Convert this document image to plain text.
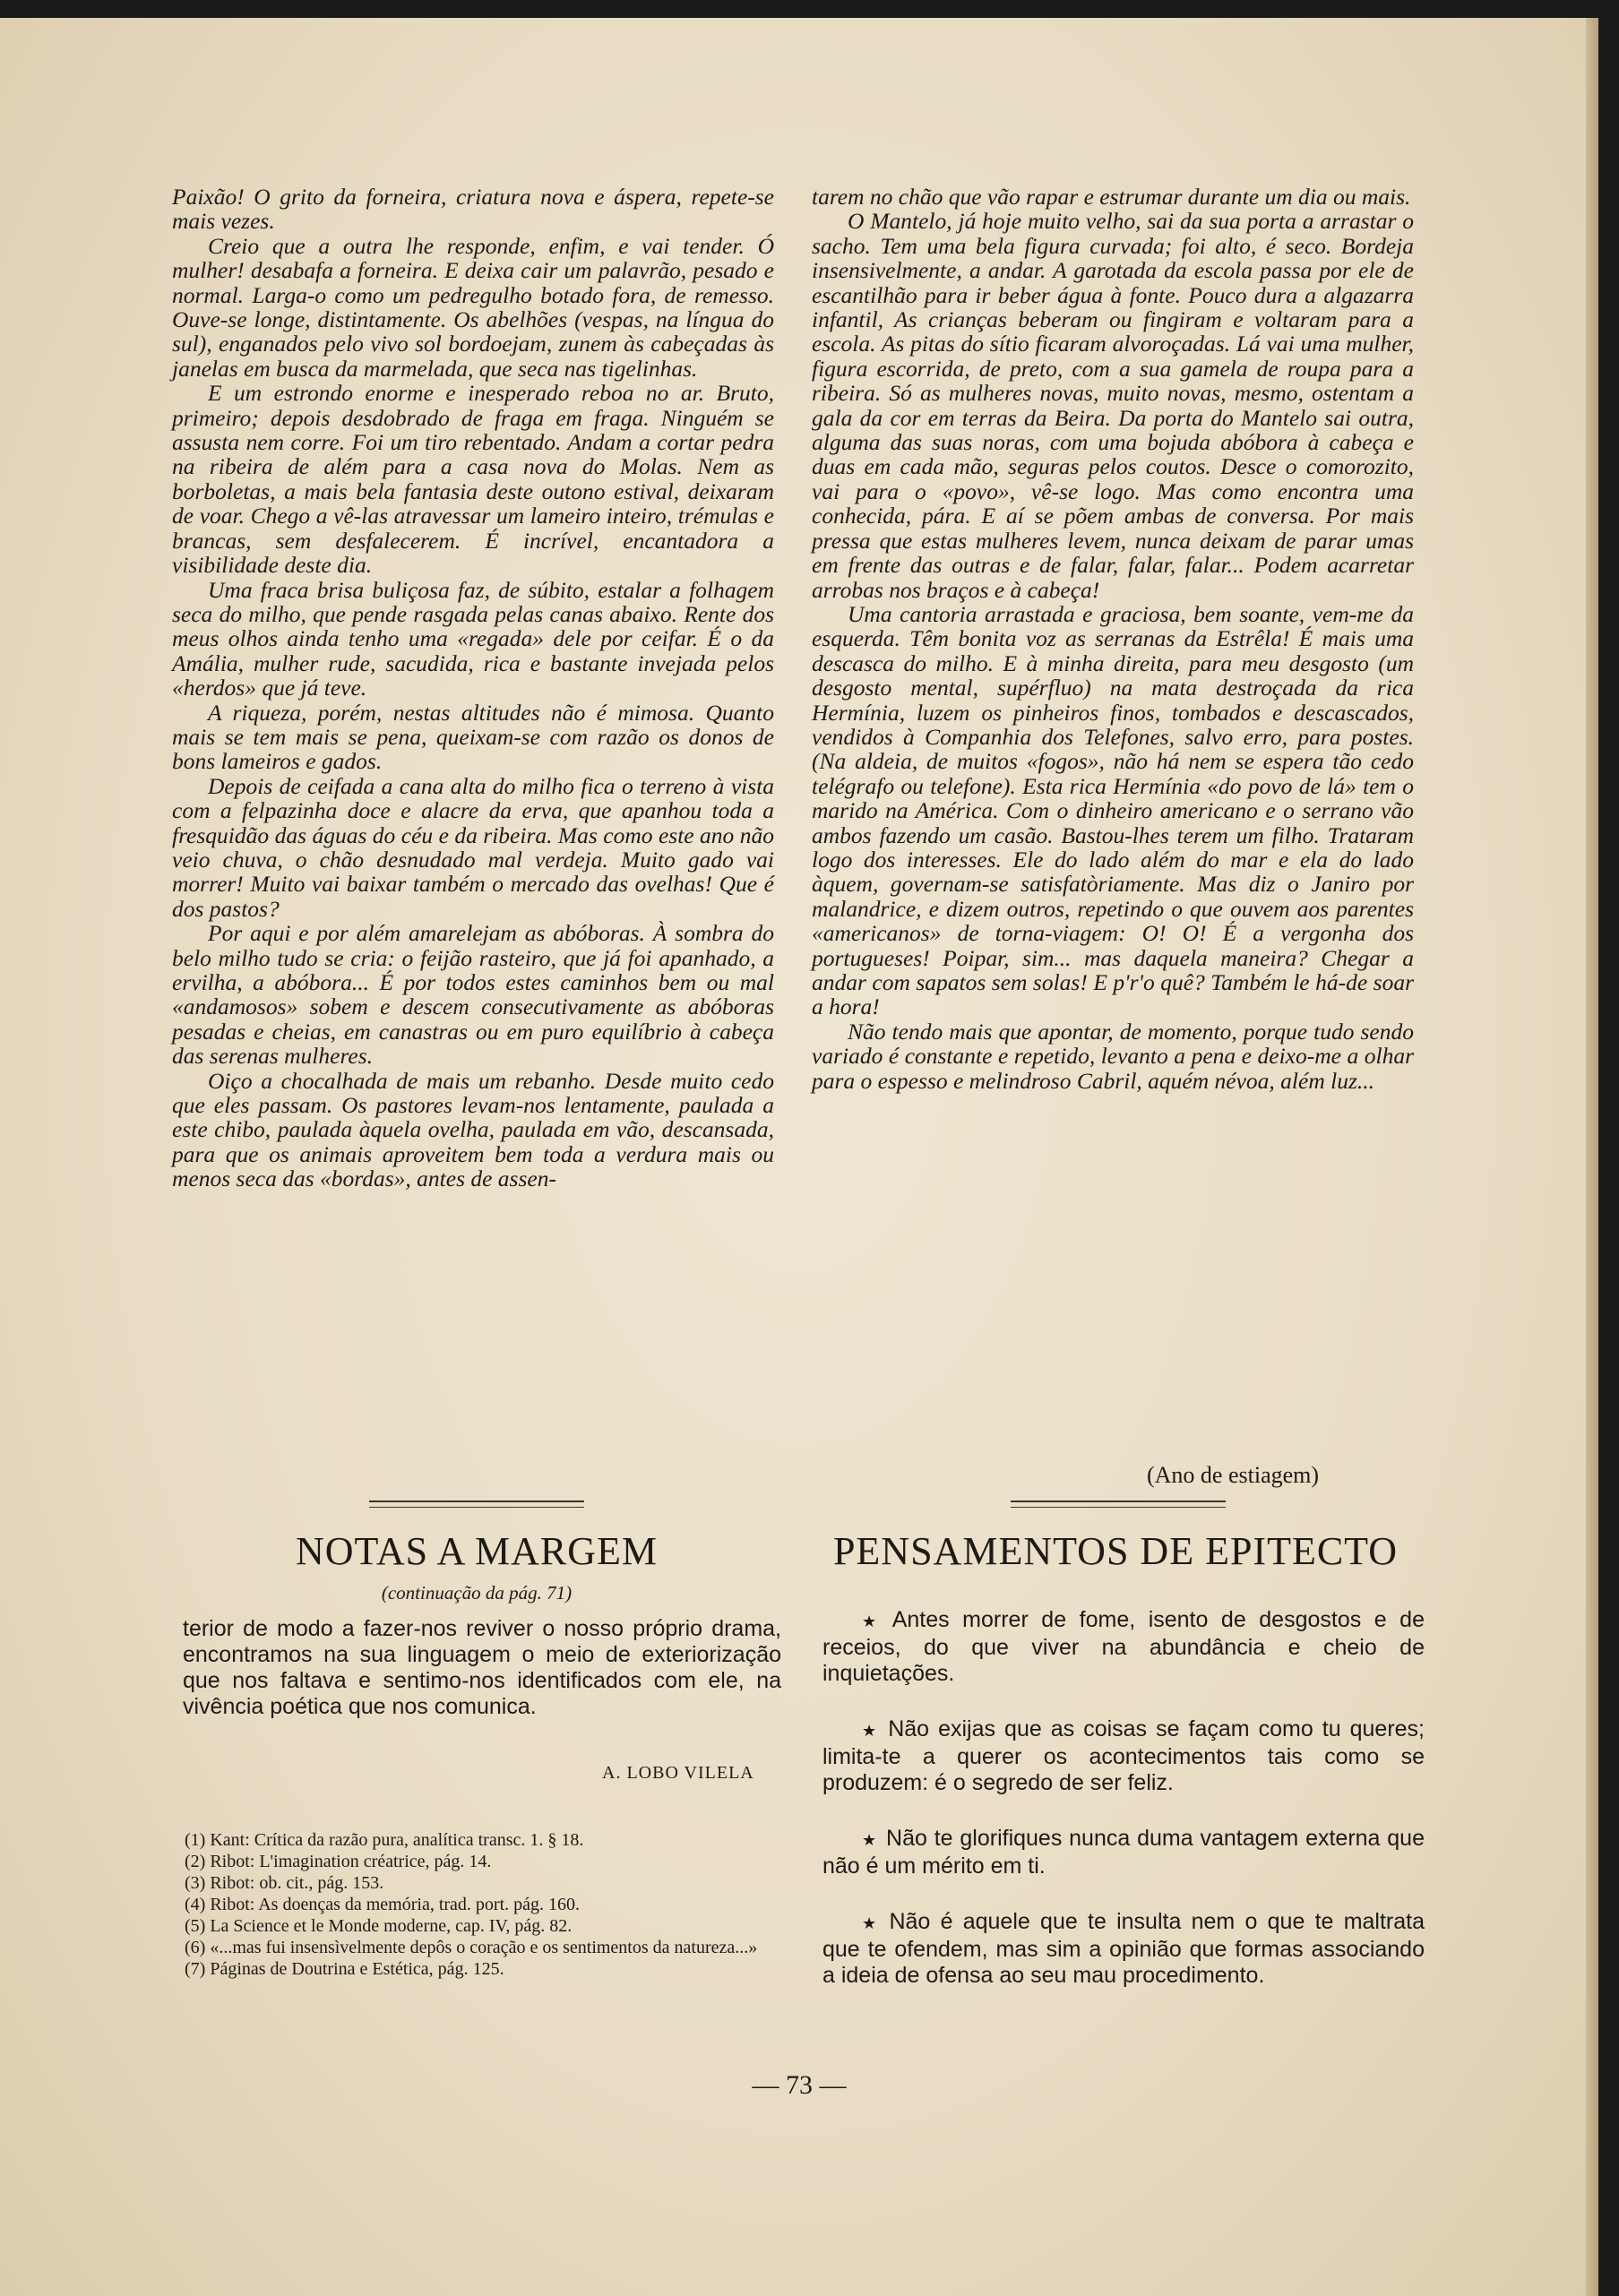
Paixão! O grito da forneira, criatura nova e áspera, repete-se mais vezes.

Creio que a outra lhe responde, enfim, e vai tender. Ó mulher! desabafa a forneira. E deixa cair um palavrão, pesado e normal. Larga-o como um pedregulho botado fora, de remesso. Ouve-se longe, distintamente. Os abelhões (vespas, na língua do sul), enganados pelo vivo sol bordoejam, zunem às cabeçadas às janelas em busca da marmelada, que seca nas tigelinhas.

E um estrondo enorme e inesperado reboa no ar. Bruto, primeiro; depois desdobrado de fraga em fraga. Ninguém se assusta nem corre. Foi um tiro rebentado. Andam a cortar pedra na ribeira de além para a casa nova do Molas. Nem as borboletas, a mais bela fantasia deste outono estival, deixaram de voar. Chego a vê-las atravessar um lameiro inteiro, trémulas e brancas, sem desfalecerem. É incrível, encantadora a visibilidade deste dia.

Uma fraca brisa buliçosa faz, de súbito, estalar a folhagem seca do milho, que pende rasgada pelas canas abaixo. Rente dos meus olhos ainda tenho uma «regada» dele por ceifar. É o da Amália, mulher rude, sacudida, rica e bastante invejada pelos «herdos» que já teve.

A riqueza, porém, nestas altitudes não é mimosa. Quanto mais se tem mais se pena, queixam-se com razão os donos de bons lameiros e gados.

Depois de ceifada a cana alta do milho fica o terreno à vista com a felpazinha doce e alacre da erva, que apanhou toda a fresquidão das águas do céu e da ribeira. Mas como este ano não veio chuva, o chão desnudado mal verdeja. Muito gado vai morrer! Muito vai baixar também o mercado das ovelhas! Que é dos pastos?

Por aqui e por além amarelejam as abóboras. À sombra do belo milho tudo se cria: o feijão rasteiro, que já foi apanhado, a ervilha, a abóbora... É por todos estes caminhos bem ou mal «andamosos» sobem e descem consecutivamente as abóboras pesadas e cheias, em canastras ou em puro equilíbrio à cabeça das serenas mulheres.

Oiço a chocalhada de mais um rebanho. Desde muito cedo que eles passam. Os pastores levam-nos lentamente, paulada a este chibo, paulada àquela ovelha, paulada em vão, descansada, para que os animais aproveitem bem toda a verdura mais ou menos seca das «bordas», antes de assen-

tarem no chão que vão rapar e estrumar durante um dia ou mais.

O Mantelo, já hoje muito velho, sai da sua porta a arrastar o sacho. Tem uma bela figura curvada; foi alto, é seco. Bordeja insensivelmente, a andar. A garotada da escola passa por ele de escantilhão para ir beber água à fonte. Pouco dura a algazarra infantil, As crianças beberam ou fingiram e voltaram para a escola. As pitas do sítio ficaram alvoroçadas. Lá vai uma mulher, figura escorrida, de preto, com a sua gamela de roupa para a ribeira. Só as mulheres novas, muito novas, mesmo, ostentam a gala da cor em terras da Beira. Da porta do Mantelo sai outra, alguma das suas noras, com uma bojuda abóbora à cabeça e duas em cada mão, seguras pelos coutos. Desce o comorozito, vai para o «povo», vê-se logo. Mas como encontra uma conhecida, pára. E aí se põem ambas de conversa. Por mais pressa que estas mulheres levem, nunca deixam de parar umas em frente das outras e de falar, falar, falar... Podem acarretar arrobas nos braços e à cabeça!

Uma cantoria arrastada e graciosa, bem soante, vem-me da esquerda. Têm bonita voz as serranas da Estrêla! É mais uma descasca do milho. E à minha direita, para meu desgosto (um desgosto mental, supérfluo) na mata destroçada da rica Hermínia, luzem os pinheiros finos, tombados e descascados, vendidos à Companhia dos Telefones, salvo erro, para postes. (Na aldeia, de muitos «fogos», não há nem se espera tão cedo telégrafo ou telefone). Esta rica Hermínia «do povo de lá» tem o marido na América. Com o dinheiro americano e o serrano vão ambos fazendo um casão. Bastou-lhes terem um filho. Trataram logo dos interesses. Ele do lado além do mar e ela do lado àquem, governam-se satisfatòriamente. Mas diz o Janiro por malandrice, e dizem outros, repetindo o que ouvem aos parentes «americanos» de torna-viagem: O! O! É a vergonha dos portugueses! Poipar, sim... mas daquela maneira? Chegar a andar com sapatos sem solas! E p'r'o quê? Também le há-de soar a hora!

Não tendo mais que apontar, de momento, porque tudo sendo variado é constante e repetido, levanto a pena e deixo-me a olhar para o espesso e melindroso Cabril, aquém névoa, além luz...

(Ano de estiagem)
NOTAS A MARGEM
(continuação da pág. 71)
terior de modo a fazer-nos reviver o nosso próprio drama, encontramos na sua linguagem o meio de exteriorização que nos faltava e sentimo-nos identificados com ele, na vivência poética que nos comunica.
A. LOBO VILELA
(1) Kant: Crítica da razão pura, analítica transc. 1. § 18.
(2) Ribot: L'imagination créatrice, pág. 14.
(3) Ribot: ob. cit., pág. 153.
(4) Ribot: As doenças da memória, trad. port. pág. 160.
(5) La Science et le Monde moderne, cap. IV, pág. 82.
(6) «...mas fui insensìvelmente depôs o coração e os sentimentos da natureza...»
(7) Páginas de Doutrina e Estética, pág. 125.
PENSAMENTOS DE EPITECTO

★ Antes morrer de fome, isento de desgostos e de receios, do que viver na abundância e cheio de inquietações.

★ Não exijas que as coisas se façam como tu queres; limita-te a querer os acontecimentos tais como se produzem: é o segredo de ser feliz.

★ Não te glorifiques nunca duma vantagem externa que não é um mérito em ti.

★ Não é aquele que te insulta nem o que te maltrata que te ofendem, mas sim a opinião que formas associando a ideia de ofensa ao seu mau procedimento.

— 73 —
